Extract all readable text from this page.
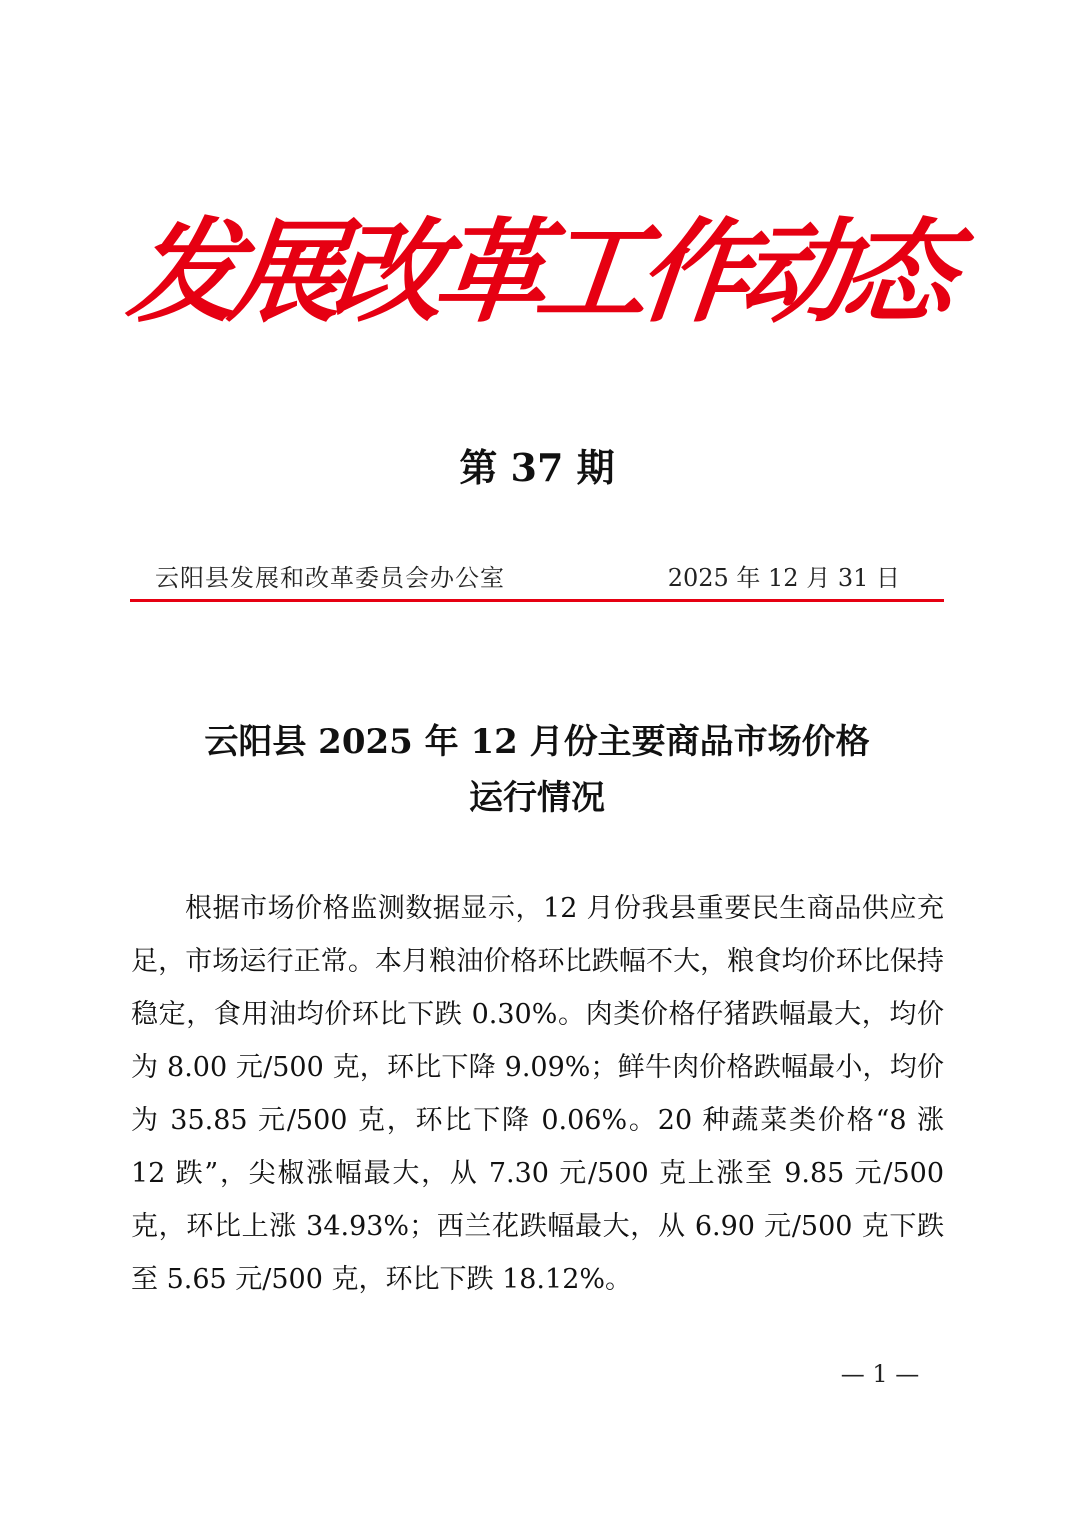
发展改革工作动态
第 37 期
云阳县发展和改革委员会办公室	2025 年 12 月 31 日
云阳县 2025 年 12 月份主要商品市场价格
运行情况

根据市场价格监测数据显示，12 月份我县重要民生商品供应充足，市场运行正常。本月粮油价格环比跌幅不大，粮食均价环比保持稳定，食用油均价环比下跌 0.30%。肉类价格仔猪跌幅最大，均价为 8.00 元/500 克，环比下降 9.09%；鲜牛肉价格跌幅最小，均价为 35.85 元/500 克，环比下降 0.06%。20 种蔬菜类价格“8 涨 12 跌”，尖椒涨幅最大，从 7.30 元/500 克上涨至 9.85 元/500 克，环比上涨 34.93%；西兰花跌幅最大，从 6.90 元/500 克下跌至 5.65 元/500 克，环比下跌 18.12%。

— 1 —
